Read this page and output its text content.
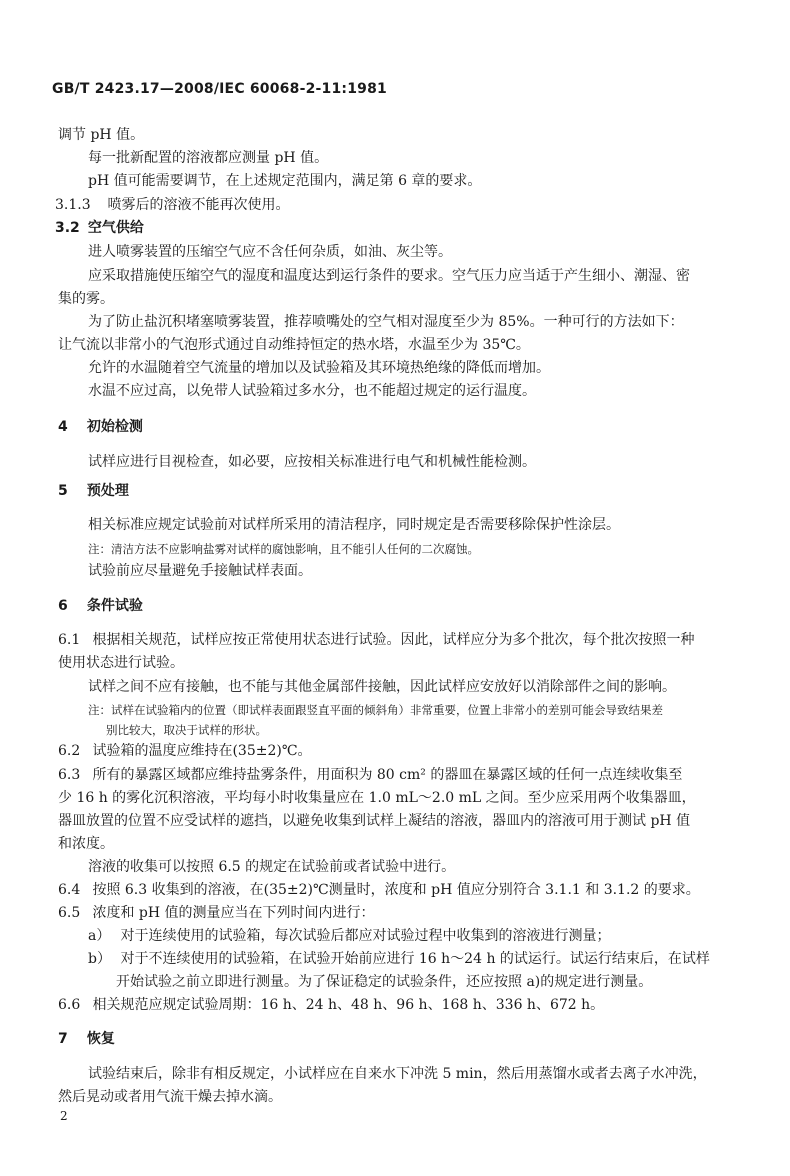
GB/T 2423.17—2008/IEC 60068-2-11:1981
调节 pH 值。
每一批新配置的溶液都应测量 pH 值。
pH 值可能需要调节，在上述规定范围内，满足第 6 章的要求。
3.1.3 喷雾后的溶液不能再次使用。
3.2 空气供给
进人喷雾装置的压缩空气应不含任何杂质，如油、灰尘等。
应采取措施使压缩空气的湿度和温度达到运行条件的要求。空气压力应当适于产生细小、潮湿、密
集的雾。
为了防止盐沉积堵塞喷雾装置，推荐喷嘴处的空气相对湿度至少为 85%。一种可行的方法如下：
让气流以非常小的气泡形式通过自动维持恒定的热水塔，水温至少为 35℃。
允许的水温随着空气流量的增加以及试验箱及其环境热绝缘的降低而增加。
水温不应过高，以免带人试验箱过多水分，也不能超过规定的运行温度。
4 初始检测
试样应进行目视检查，如必要，应按相关标准进行电气和机械性能检测。
5 预处理
相关标准应规定试验前对试样所采用的清洁程序，同时规定是否需要移除保护性涂层。
注：清洁方法不应影响盐雾对试样的腐蚀影响，且不能引人任何的二次腐蚀。
试验前应尽量避免手接触试样表面。
6 条件试验
6.1 根据相关规范，试样应按正常使用状态进行试验。因此，试样应分为多个批次，每个批次按照一种
使用状态进行试验。
试样之间不应有接触，也不能与其他金属部件接触，因此试样应安放好以消除部件之间的影响。
注：试样在试验箱内的位置（即试样表面跟竖直平面的倾斜角）非常重要，位置上非常小的差别可能会导致结果差
别比较大，取决于试样的形状。
6.2 试验箱的温度应维持在(35±2)℃。
6.3 所有的暴露区域都应维持盐雾条件，用面积为 80 cm² 的器皿在暴露区域的任何一点连续收集至
少 16 h 的雾化沉积溶液，平均每小时收集量应在 1.0 mL～2.0 mL 之间。至少应采用两个收集器皿，
器皿放置的位置不应受试样的遮挡，以避免收集到试样上凝结的溶液，器皿内的溶液可用于测试 pH 值
和浓度。
溶液的收集可以按照 6.5 的规定在试验前或者试验中进行。
6.4 按照 6.3 收集到的溶液，在(35±2)℃测量时，浓度和 pH 值应分别符合 3.1.1 和 3.1.2 的要求。
6.5 浓度和 pH 值的测量应当在下列时间内进行：
a） 对于连续使用的试验箱，每次试验后都应对试验过程中收集到的溶液进行测量；
b） 对于不连续使用的试验箱，在试验开始前应进行 16 h～24 h 的试运行。试运行结束后，在试样
开始试验之前立即进行测量。为了保证稳定的试验条件，还应按照 a)的规定进行测量。
6.6 相关规范应规定试验周期：16 h、24 h、48 h、96 h、168 h、336 h、672 h。
7 恢复
试验结束后，除非有相反规定，小试样应在自来水下冲洗 5 min，然后用蒸馏水或者去离子水冲洗，
然后晃动或者用气流干燥去掉水滴。
2
